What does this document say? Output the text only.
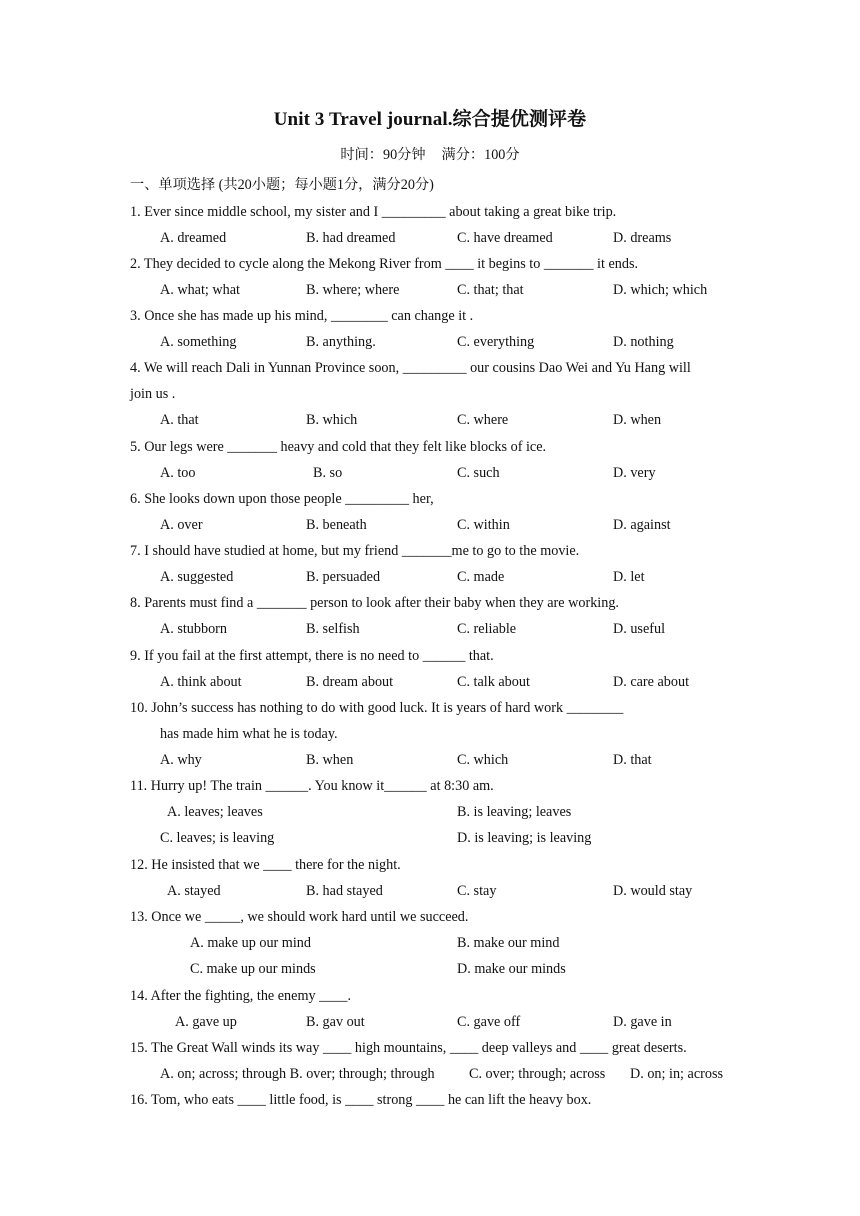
Unit 3 Travel journal.综合提优测评卷
时间：90分钟 满分：100分
一、单项选择 (共20小题；每小题1分，满分20分)
1. Ever since middle school, my sister and I _________ about taking a great bike trip.
A. dreamed	B. had dreamed	C. have dreamed	D. dreams
2. They decided to cycle along the Mekong River from ____ it begins to _______ it ends.
A. what; what	B. where; where	C. that; that	D. which; which
3. Once she has made up his mind, ________ can change it .
A. something	B. anything.	C. everything	D. nothing
4. We will reach Dali in Yunnan Province soon, _________ our cousins Dao Wei and Yu Hang will
join us .
A. that	B. which	C. where	D. when
5. Our legs were _______ heavy and cold that they felt like blocks of ice.
A. too	B. so	C. such	D. very
6. She looks down upon those people _________ her,
A. over	B. beneath	C. within	D. against
7. I should have studied at home, but my friend _______me to go to the movie.
A. suggested	B. persuaded	C. made	D. let
8. Parents must find a _______ person to look after their baby when they are working.
A. stubborn	B. selfish	C. reliable	D. useful
9. If you fail at the first attempt, there is no need to ______ that.
A. think about	B. dream about	C. talk about	D. care about
10. John’s success has nothing to do with good luck. It is years of hard work ________
has made him what he is today.
A. why	B. when	C. which	D. that
11. Hurry up! The train ______. You know it______ at 8:30 am.
A. leaves; leaves	B. is leaving; leaves
C. leaves; is leaving	D. is leaving; is leaving
12. He insisted that we ____ there for the night.
A. stayed	B. had stayed	C. stay	D. would stay
13. Once we _____, we should work hard until we succeed.
A. make up our mind	B. make our mind
C. make up our minds	D. make our minds
14. After the fighting, the enemy ____.
A. gave up	B. gav out	C. gave off	D. gave in
15. The Great Wall winds its way ____ high mountains, ____ deep valleys and ____ great deserts.
A. on; across; through B. over; through; through C. over; through; across D. on; in; across
16. Tom, who eats ____ little food, is ____ strong ____ he can lift the heavy box.
